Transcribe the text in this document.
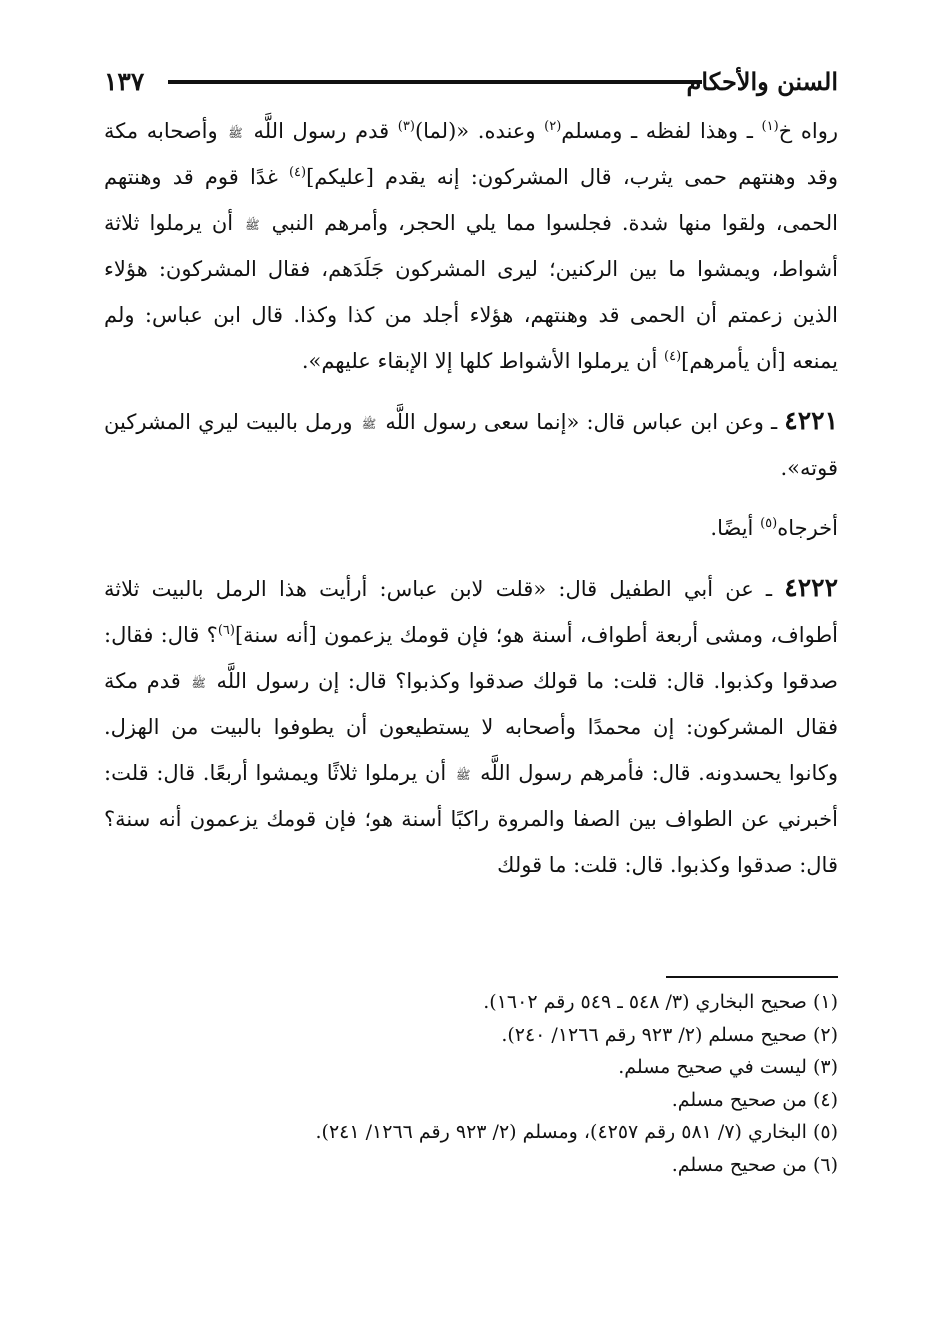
السنن والأحكام
١٣٧

رواه خ$^{(١)}$ ـ وهذا لفظه ـ ومسلم$^{(٢)}$ وعنده. «(لما)$^{(٣)}$ قدم رسول اللَّه ﷺ وأصحابه مكة وقد وهنتهم حمى يثرب، قال المشركون: إنه يقدم [عليكم]$^{(٤)}$ غدًا قوم قد وهنتهم الحمى، ولقوا منها شدة. فجلسوا مما يلي الحجر، وأمرهم النبي ﷺ أن يرملوا ثلاثة أشواط، ويمشوا ما بين الركنين؛ ليرى المشركون جَلَدَهم، فقال المشركون: هؤلاء الذين زعمتم أن الحمى قد وهنتهم، هؤلاء أجلد من كذا وكذا. قال ابن عباس: ولم يمنعه [أن يأمرهم]$^{(٤)}$ أن يرملوا الأشواط كلها إلا الإبقاء عليهم».

٤٢٢١ ـ وعن ابن عباس قال: «إنما سعى رسول اللَّه ﷺ ورمل بالبيت ليري المشركين قوته».

أخرجاه$^{(٥)}$ أيضًا.

٤٢٢٢ ـ عن أبي الطفيل قال: «قلت لابن عباس: أرأيت هذا الرمل بالبيت ثلاثة أطواف، ومشى أربعة أطواف، أسنة هو؛ فإن قومك يزعمون [أنه سنة]$^{(٦)}$؟ قال: فقال: صدقوا وكذبوا. قال: قلت: ما قولك صدقوا وكذبوا؟ قال: إن رسول اللَّه ﷺ قدم مكة فقال المشركون: إن محمدًا وأصحابه لا يستطيعون أن يطوفوا بالبيت من الهزل. وكانوا يحسدونه. قال: فأمرهم رسول اللَّه ﷺ أن يرملوا ثلاثًا ويمشوا أربعًا. قال: قلت: أخبرني عن الطواف بين الصفا والمروة راكبًا أسنة هو؛ فإن قومك يزعمون أنه سنة؟ قال: صدقوا وكذبوا. قال: قلت: ما قولك

(١) صحيح البخاري (٣/ ٥٤٨ ـ ٥٤٩ رقم ١٦٠٢).
(٢) صحيح مسلم (٢/ ٩٢٣ رقم ١٢٦٦/ ٢٤٠).
(٣) ليست في صحيح مسلم.
(٤) من صحيح مسلم.
(٥) البخاري (٧/ ٥٨١ رقم ٤٢٥٧)، ومسلم (٢/ ٩٢٣ رقم ١٢٦٦/ ٢٤١).
(٦) من صحيح مسلم.
